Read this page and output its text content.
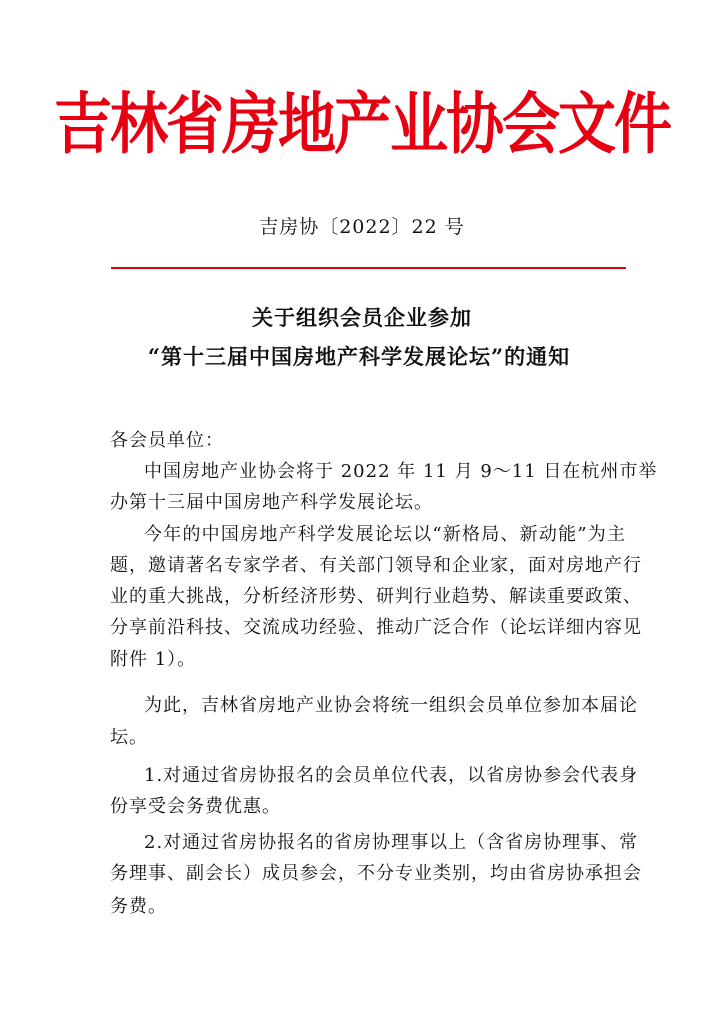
吉林省房地产业协会文件
吉房协〔2022〕22 号
关于组织会员企业参加
“第十三届中国房地产科学发展论坛”的通知
各会员单位：
中国房地产业协会将于 2022 年 11 月 9～11 日在杭州市举
办第十三届中国房地产科学发展论坛。
今年的中国房地产科学发展论坛以“新格局、新动能”为主
题，邀请著名专家学者、有关部门领导和企业家，面对房地产行
业的重大挑战，分析经济形势、研判行业趋势、解读重要政策、
分享前沿科技、交流成功经验、推动广泛合作（论坛详细内容见
附件 1）。
为此，吉林省房地产业协会将统一组织会员单位参加本届论
坛。
1.对通过省房协报名的会员单位代表，以省房协参会代表身
份享受会务费优惠。
2.对通过省房协报名的省房协理事以上（含省房协理事、常
务理事、副会长）成员参会，不分专业类别，均由省房协承担会
务费。
